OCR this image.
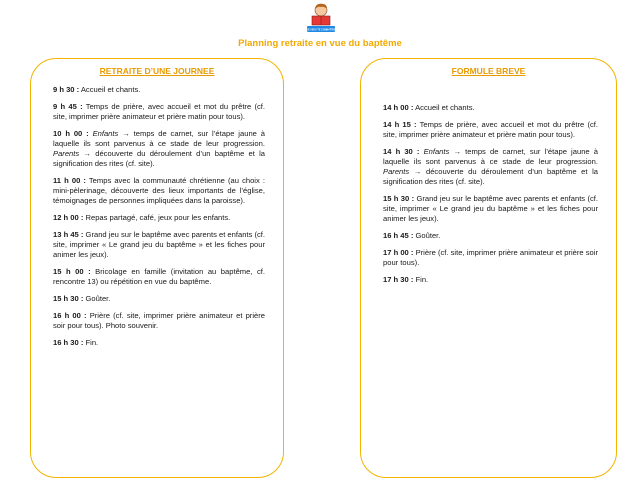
JE VEUX TE CONNAÎTRE
Planning retraite en vue du baptême
RETRAITE D’UNE JOURNEE

9 h 30 : Accueil et chants.

9 h 45 : Temps de prière, avec accueil et mot du prêtre (cf. site, imprimer prière animateur et prière matin pour tous).

10 h 00 : Enfants → temps de carnet, sur l’étape jaune à laquelle ils sont parvenus à ce stade de leur progression. Parents → découverte du déroulement d’un baptême et la signification des rites (cf. site).

11 h 00 : Temps avec la communauté chrétienne (au choix : mini-pèlerinage, découverte des lieux importants de l’église, témoignages de personnes impliquées dans la paroisse).

12 h 00 : Repas partagé, café, jeux pour les enfants.

13 h 45 : Grand jeu sur le baptême avec parents et enfants (cf. site, imprimer « Le grand jeu du baptême » et les fiches pour animer les jeux).

15 h 00 : Bricolage en famille (invitation au baptême, cf. rencontre 13) ou répétition en vue du baptême.

15 h 30 : Goûter.

16 h 00 : Prière (cf. site, imprimer prière animateur et prière soir pour tous). Photo souvenir.

16 h 30 : Fin.

FORMULE BREVE

14 h 00 : Accueil et chants.

14 h 15 : Temps de prière, avec accueil et mot du prêtre (cf. site, imprimer prière animateur et prière matin pour tous).

14 h 30 : Enfants → temps de carnet, sur l’étape jaune à laquelle ils sont parvenus à ce stade de leur progression. Parents → découverte du déroulement d’un baptême et la signification des rites (cf. site).

15 h 30 : Grand jeu sur le baptême avec parents et enfants (cf. site, imprimer « Le grand jeu du baptême » et les fiches pour animer les jeux).

16 h 45 : Goûter.

17 h 00 : Prière (cf. site, imprimer prière animateur et prière soir pour tous).

17 h 30 : Fin.
